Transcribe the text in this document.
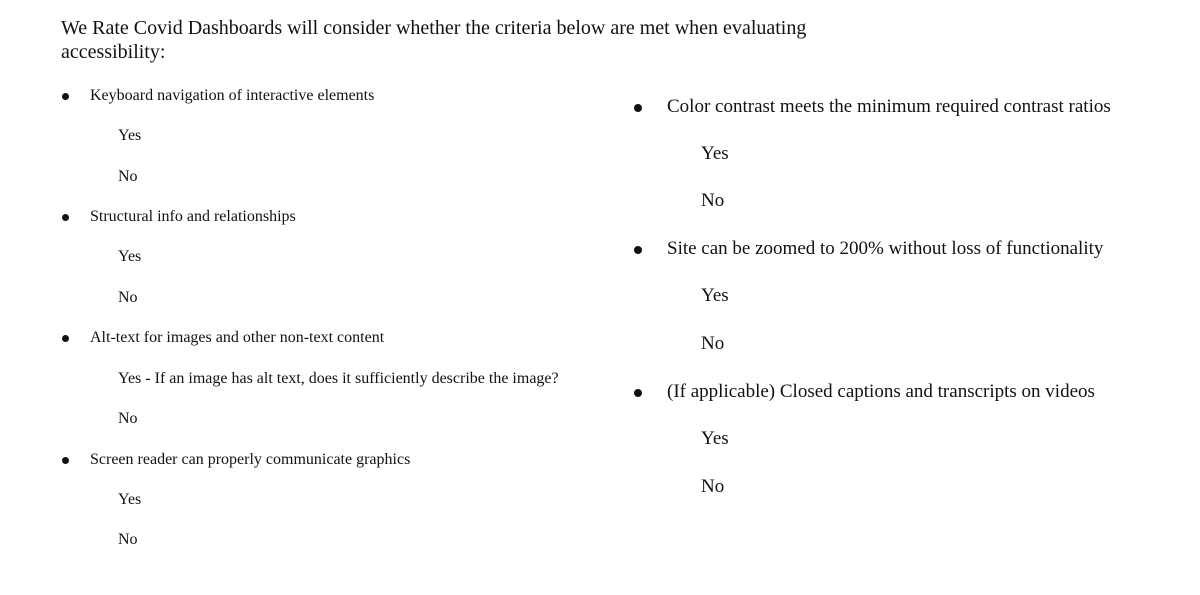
We Rate Covid Dashboards will consider whether the criteria below are met when evaluating accessibility:
Keyboard navigation of interactive elements
Yes
No
Structural info and relationships
Yes
No
Alt-text for images and other non-text content
Yes - If an image has alt text, does it sufficiently describe the image?
No
Screen reader can properly communicate graphics
Yes
No
Color contrast meets the minimum required contrast ratios
Yes
No
Site can be zoomed to 200% without loss of functionality
Yes
No
(If applicable) Closed captions and transcripts on videos
Yes
No
